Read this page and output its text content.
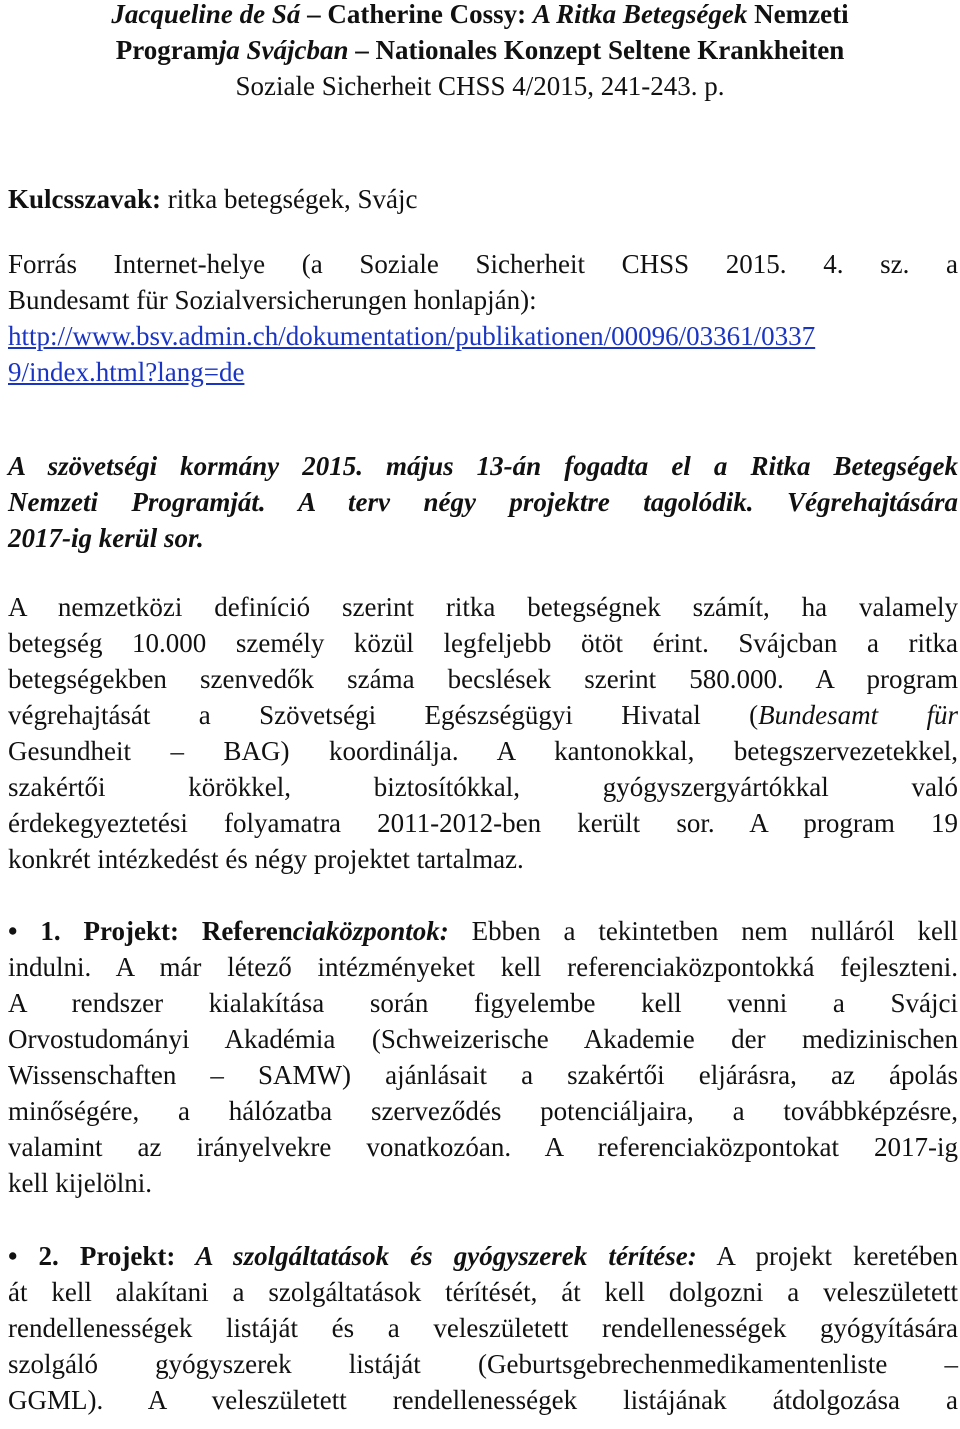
Jacqueline de Sá – Catherine Cossy: A Ritka Betegségek Nemzeti
Programja Svájcban – Nationales Konzept Seltene Krankheiten
Soziale Sicherheit CHSS 4/2015, 241-243. p.
Kulcsszavak: ritka betegségek, Svájc
Forrás Internet-helye (a Soziale Sicherheit CHSS 2015. 4. sz. a
Bundesamt für Sozialversicherungen honlapján):
http://www.bsv.admin.ch/dokumentation/publikationen/00096/03361/0337
9/index.html?lang=de
A szövetségi kormány 2015. május 13-án fogadta el a Ritka Betegségek
Nemzeti Programját. A terv négy projektre tagolódik. Végrehajtására
2017-ig kerül sor.
A nemzetközi definíció szerint ritka betegségnek számít, ha valamely
betegség 10.000 személy közül legfeljebb ötöt érint. Svájcban a ritka
betegségekben szenvedők száma becslések szerint 580.000. A program
végrehajtását a Szövetségi Egészségügyi Hivatal (Bundesamt für
Gesundheit – BAG) koordinálja. A kantonokkal, betegszervezetekkel,
szakértői körökkel, biztosítókkal, gyógyszergyártókkal való
érdekegyeztetési folyamatra 2011-2012-ben került sor. A program 19
konkrét intézkedést és négy projektet tartalmaz.
• 1. Projekt: Referenciaközpontok: Ebben a tekintetben nem nulláról kell
indulni. A már létező intézményeket kell referenciaközpontokká fejleszteni.
A rendszer kialakítása során figyelembe kell venni a Svájci
Orvostudományi Akadémia (Schweizerische Akademie der medizinischen
Wissenschaften – SAMW) ajánlásait a szakértői eljárásra, az ápolás
minőségére, a hálózatba szerveződés potenciáljaira, a továbbképzésre,
valamint az irányelvekre vonatkozóan. A referenciaközpontokat 2017-ig
kell kijelölni.
• 2. Projekt: A szolgáltatások és gyógyszerek térítése: A projekt keretében
át kell alakítani a szolgáltatások térítését, át kell dolgozni a veleszületett
rendellenességek listáját és a veleszületett rendellenességek gyógyítására
szolgáló gyógyszerek listáját (Geburtsgebrechenmedikamentenliste –
GGML). A veleszületett rendellenességek listájának átdolgozása a
